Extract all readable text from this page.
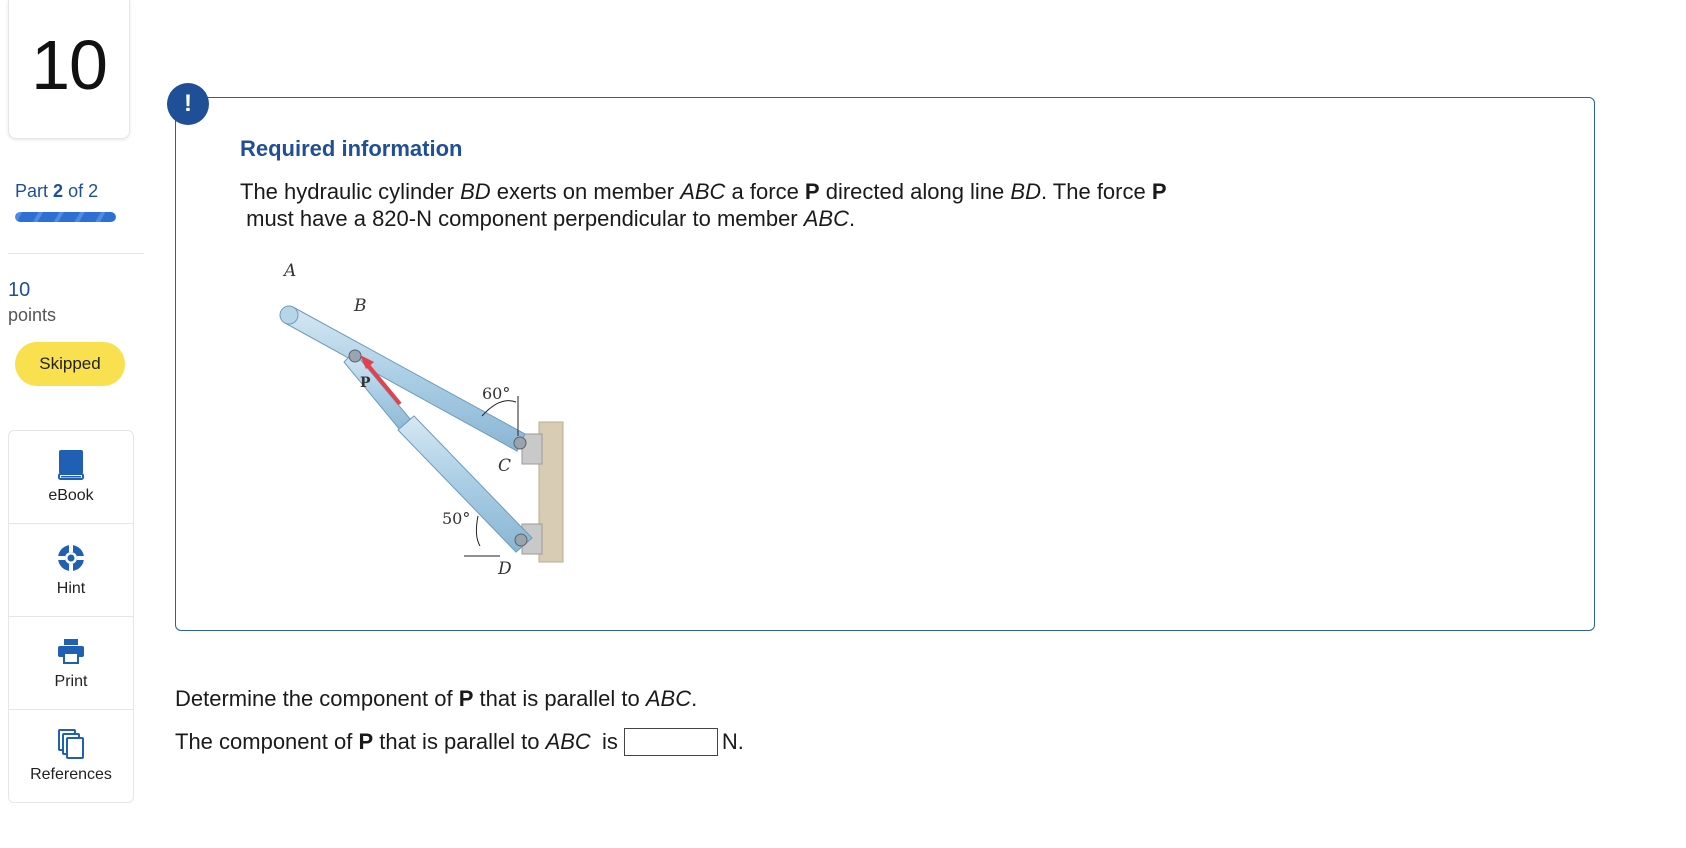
10
Part 2 of 2
10
points
Skipped
eBook
Hint
Print
References
!
Required information
The hydraulic cylinder BD exerts on member ABC a force P directed along line BD. The force P must have a 820-N component perpendicular to member ABC.
A
B
P
60°
C
50°
D
Determine the component of P that is parallel to ABC.
The component of P that is parallel to ABC is	N.
